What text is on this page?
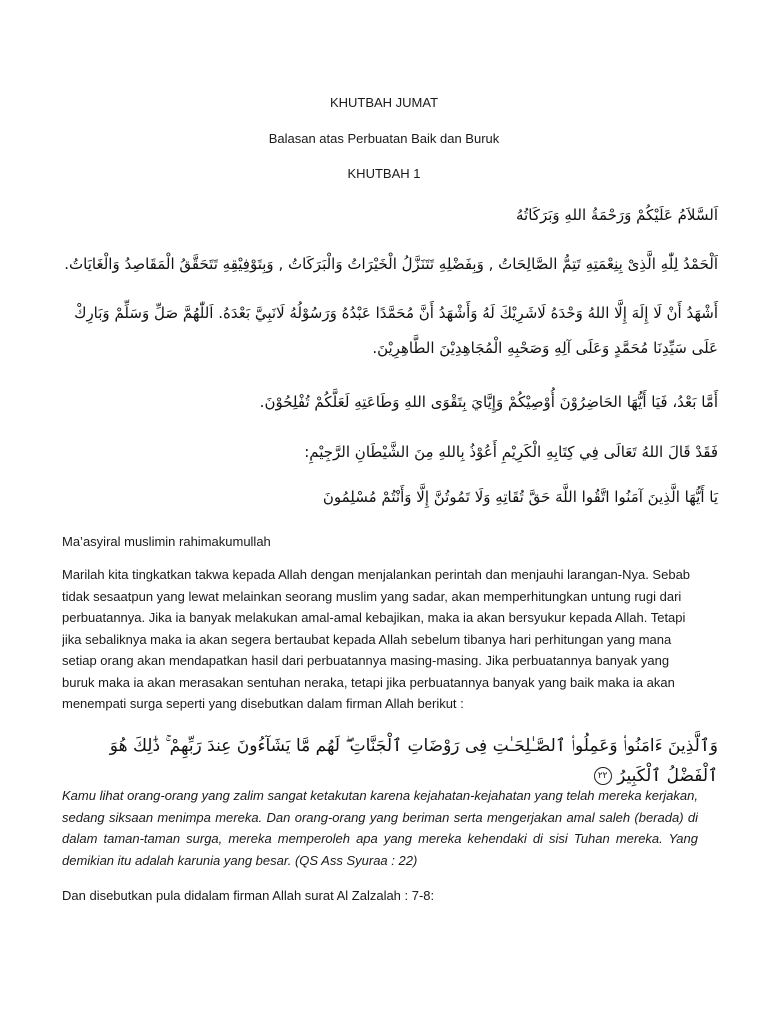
KHUTBAH JUMAT
Balasan atas Perbuatan Baik dan Buruk
KHUTBAH 1
اَلسَّلاَمُ عَلَيْكُمْ وَرَحْمَةُ اللهِ وَبَرَكَاتُهُ
اَلْحَمْدُ لِلّٰهِ الَّذِىْ بِنِعْمَتِهِ تَتِمُّ الصَّالِحَاتُ , وَبِفَضْلِهِ تَتَنَزَّلُ الْخَيْرَاتُ وَالْبَرَكَاتُ , وَبِتَوْفِيْقِهِ تَتَحَقَّقُ الْمَقَاصِدُ وَالْغَايَاتُ.
أَشْهَدُ أَنْ لَا إِلَهَ إِلَّا اللهُ وَحْدَهُ لَاشَرِيْكَ لَهُ وَأَشْهَدُ أَنَّ مُحَمَّدًا عَبْدُهُ وَرَسُوْلُهُ لَانَبِيَّ بَعْدَهُ. اَللّٰهُمَّ صَلِّ وَسَلِّمْ وَبَارِكْ عَلَى سَيِّدِنَا مُحَمَّدٍ وَعَلَى آلِهِ وَصَحْبِهِ الْمُجَاهِدِيْنَ الطَّاهِرِيْنَ.
أَمَّا بَعْدُ، فَيَا أَيُّهَا الحَاضِرُوْنَ أُوْصِيْكُمْ وَإِيَّايَ بِتَقْوَى اللهِ وَطَاعَتِهِ لَعَلَّكُمْ تُفْلِحُوْنَ.
فَقَدْ قَالَ اللهُ تَعَالَى فِي كِتَابِهِ الْكَرِيْمِ أَعُوْذُ بِاللهِ مِنَ الشَّيْطَانِ الرَّجِيْمِ:
يَا أَيُّهَا الَّذِينَ آمَنُوا اتَّقُوا اللَّهَ حَقَّ تُقَاتِهِ وَلَا تَمُوتُنَّ إِلَّا وَأَنْتُمْ مُسْلِمُونَ
Ma’asyiral muslimin rahimakumullah
Marilah kita tingkatkan takwa kepada Allah dengan menjalankan perintah dan menjauhi larangan-Nya. Sebab tidak sesaatpun yang lewat melainkan seorang muslim yang sadar, akan memperhitungkan untung rugi dari perbuatannya. Jika ia banyak melakukan amal-amal kebajikan, maka ia akan bersyukur kepada Allah. Tetapi jika sebaliknya maka ia akan segera bertaubat kepada Allah sebelum tibanya hari perhitungan yang mana setiap orang akan mendapatkan hasil dari perbuatannya masing-masing. Jika perbuatannya banyak yang buruk maka ia akan merasakan sentuhan neraka, tetapi jika perbuatannya banyak yang baik maka ia akan menempati surga seperti yang disebutkan dalam firman Allah berikut :
وَٱلَّذِينَ ءَامَنُوا۟ وَعَمِلُوا۟ ٱلصَّـٰلِحَـٰتِ فِى رَوْضَاتِ ٱلْجَنَّاتِ ۖ لَهُم مَّا يَشَآءُونَ عِندَ رَبِّهِمْ ۚ ذَٰلِكَ هُوَ ٱلْفَضْلُ ٱلْكَبِيرُ ٢٢
Kamu lihat orang-orang yang zalim sangat ketakutan karena kejahatan-kejahatan yang telah mereka kerjakan, sedang siksaan menimpa mereka. Dan orang-orang yang beriman serta mengerjakan amal saleh (berada) di dalam taman-taman surga, mereka memperoleh apa yang mereka kehendaki di sisi Tuhan mereka. Yang demikian itu adalah karunia yang besar. (QS Ass Syuraa : 22)
Dan disebutkan pula didalam firman Allah surat Al Zalzalah : 7-8:
